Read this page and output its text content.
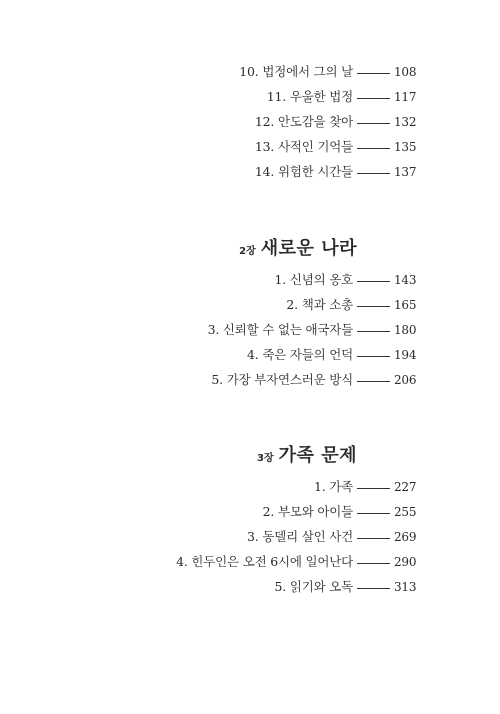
10. 법정에서 그의 날	108
11. 우울한 법정	117
12. 안도감을 찾아	132
13. 사적인 기억들	135
14. 위험한 시간들	137
2장 새로운 나라
1. 신념의 옹호	143
2. 책과 소총	165
3. 신뢰할 수 없는 애국자들	180
4. 죽은 자들의 언덕	194
5. 가장 부자연스러운 방식	206
3장 가족 문제
1. 가족	227
2. 부모와 아이들	255
3. 동델리 살인 사건	269
4. 힌두인은 오전 6시에 일어난다	290
5. 읽기와 오독	313
